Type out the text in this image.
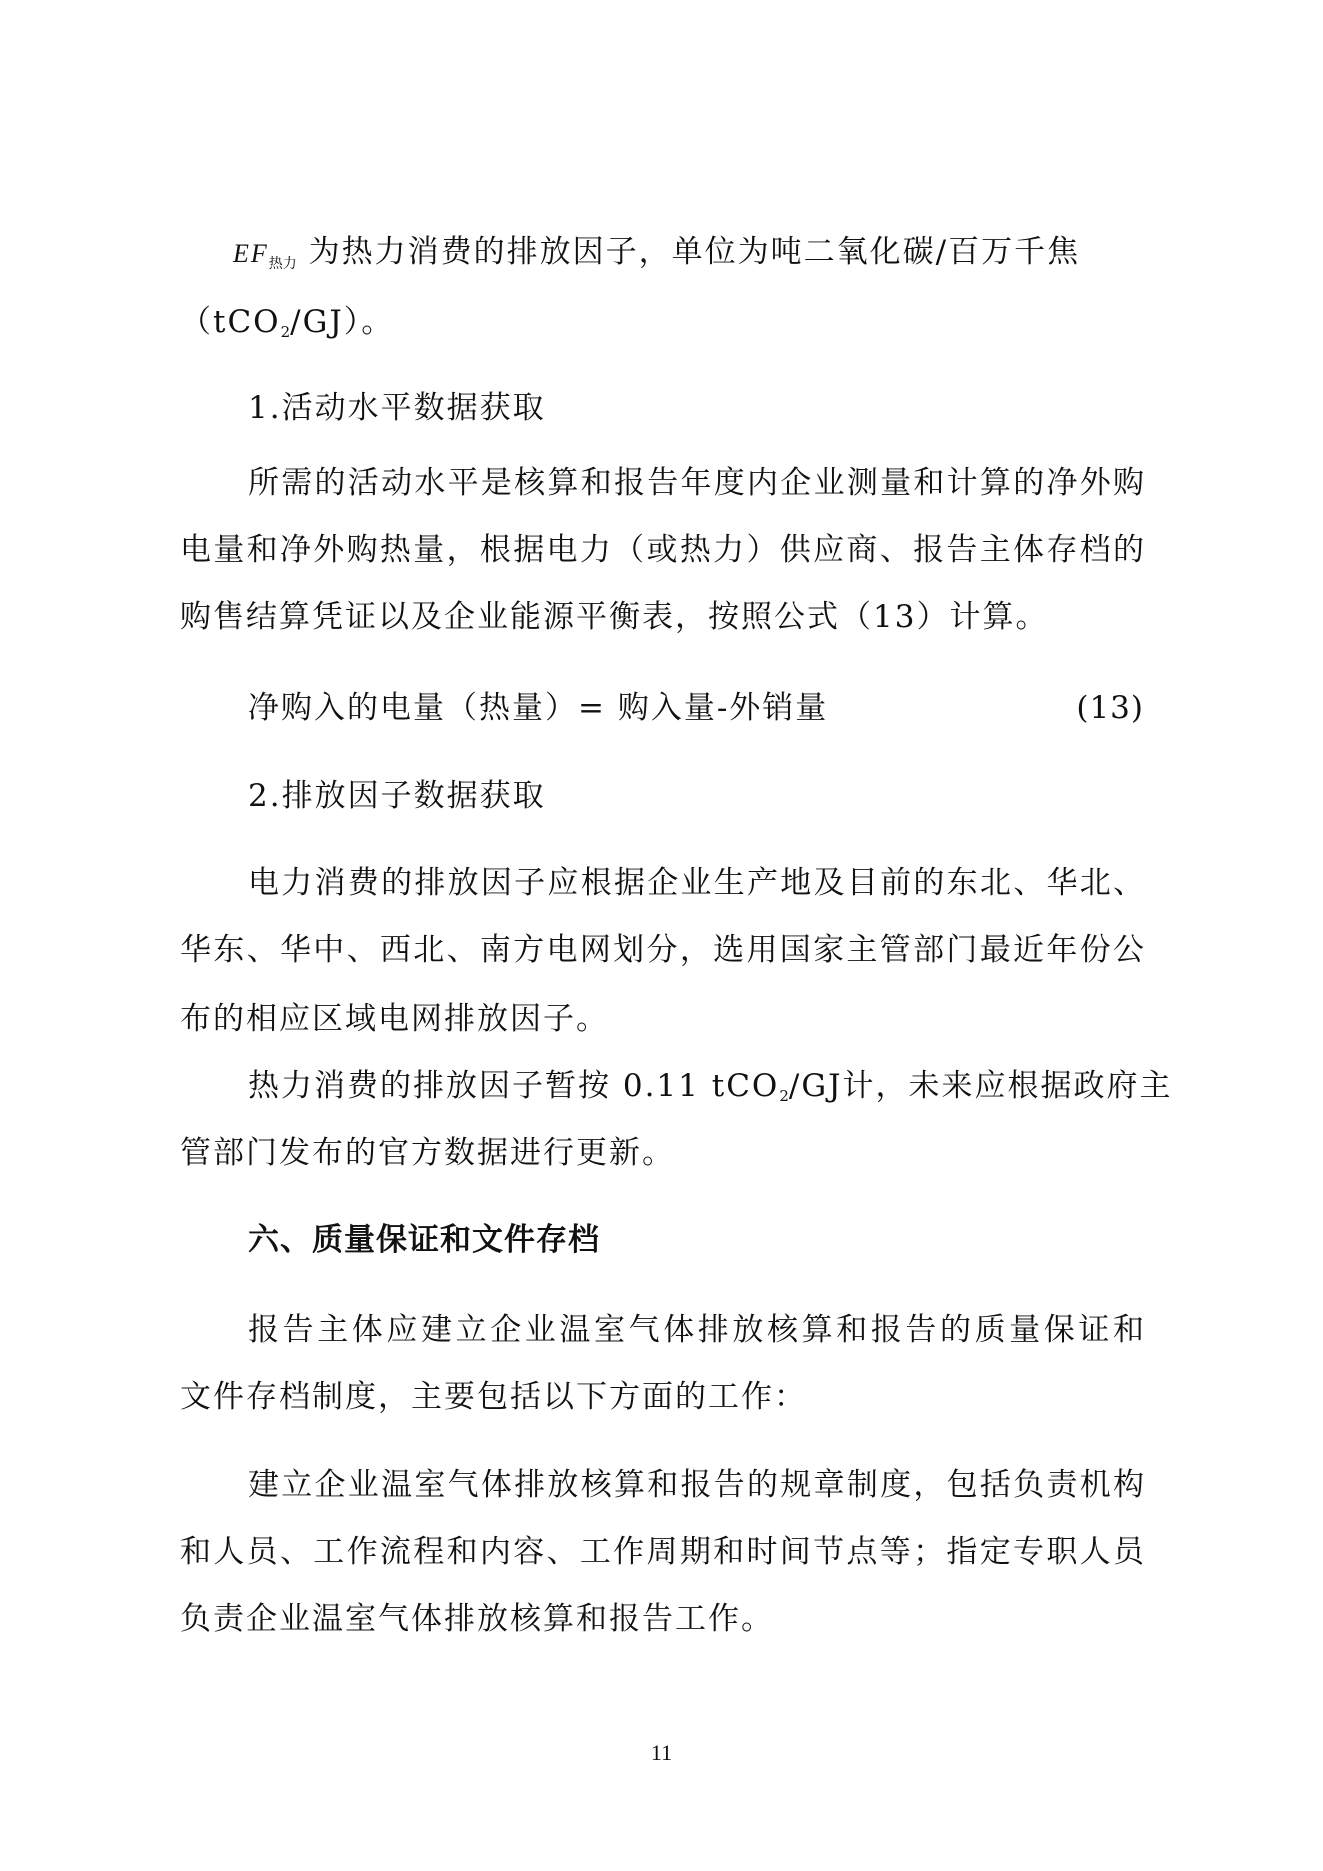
EF热力 为热力消费的排放因子，单位为吨二氧化碳/百万千焦
（tCO2/GJ）。
1.活动水平数据获取
所需的活动水平是核算和报告年度内企业测量和计算的净外购
电量和净外购热量，根据电力（或热力）供应商、报告主体存档的
购售结算凭证以及企业能源平衡表，按照公式（13）计算。
净购入的电量（热量）= 购入量-外销量	(13)
2.排放因子数据获取
电力消费的排放因子应根据企业生产地及目前的东北、华北、
华东、华中、西北、南方电网划分，选用国家主管部门最近年份公
布的相应区域电网排放因子。
热力消费的排放因子暂按 0.11 tCO2/GJ计，未来应根据政府主
管部门发布的官方数据进行更新。
六、质量保证和文件存档
报告主体应建立企业温室气体排放核算和报告的质量保证和
文件存档制度，主要包括以下方面的工作：
建立企业温室气体排放核算和报告的规章制度，包括负责机构
和人员、工作流程和内容、工作周期和时间节点等；指定专职人员
负责企业温室气体排放核算和报告工作。
11
